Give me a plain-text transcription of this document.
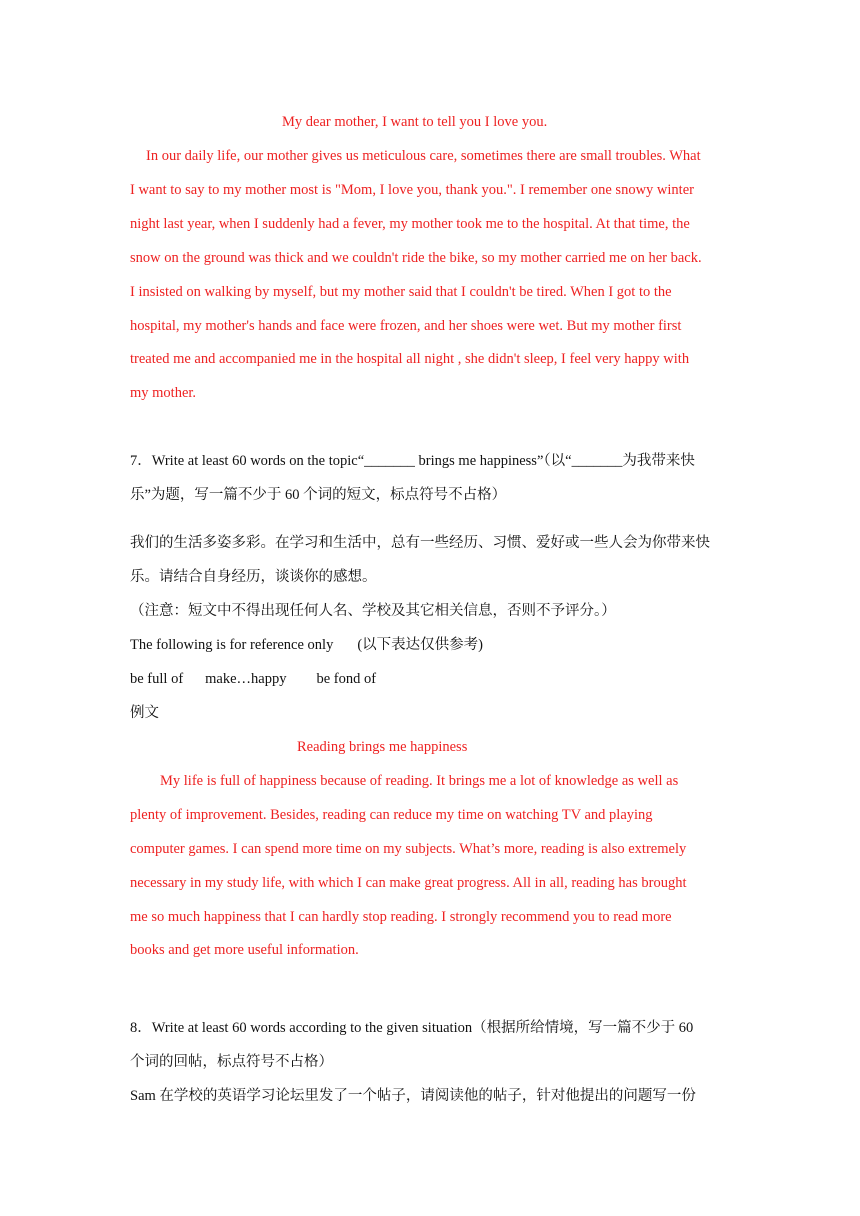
My dear mother, I want to tell you I love you.
In our daily life, our mother gives us meticulous care, sometimes there are small troubles. What
I want to say to my mother most is "Mom, I love you, thank you.". I remember one snowy winter
night last year, when I suddenly had a fever, my mother took me to the hospital. At that time, the
snow on the ground was thick and we couldn't ride the bike, so my mother carried me on her back.
I insisted on walking by myself, but my mother said that I couldn't be tired. When I got to the
hospital, my mother's hands and face were frozen, and her shoes were wet. But my mother first
treated me and accompanied me in the hospital all night , she didn't sleep, I feel very happy with
my mother.
7．Write at least 60 words on the topic“_______ brings me happiness”（以“_______为我带来快
乐”为题，写一篇不少于 60 个词的短文，标点符号不占格）
我们的生活多姿多彩。在学习和生活中，总有一些经历、习惯、爱好或一些人会为你带来快
乐。请结合自身经历，谈谈你的感想。
（注意：短文中不得出现任何人名、学校及其它相关信息，否则不予评分。）
The following is for reference only (以下表达仅供参考)
be full of make…happy be fond of
例文
Reading brings me happiness
My life is full of happiness because of reading. It brings me a lot of knowledge as well as
plenty of improvement. Besides, reading can reduce my time on watching TV and playing
computer games. I can spend more time on my subjects. What’s more, reading is also extremely
necessary in my study life, with which I can make great progress. All in all, reading has brought
me so much happiness that I can hardly stop reading. I strongly recommend you to read more
books and get more useful information.
8．Write at least 60 words according to the given situation（根据所给情境，写一篇不少于 60
个词的回帖，标点符号不占格）
Sam 在学校的英语学习论坛里发了一个帖子，请阅读他的帖子，针对他提出的问题写一份
